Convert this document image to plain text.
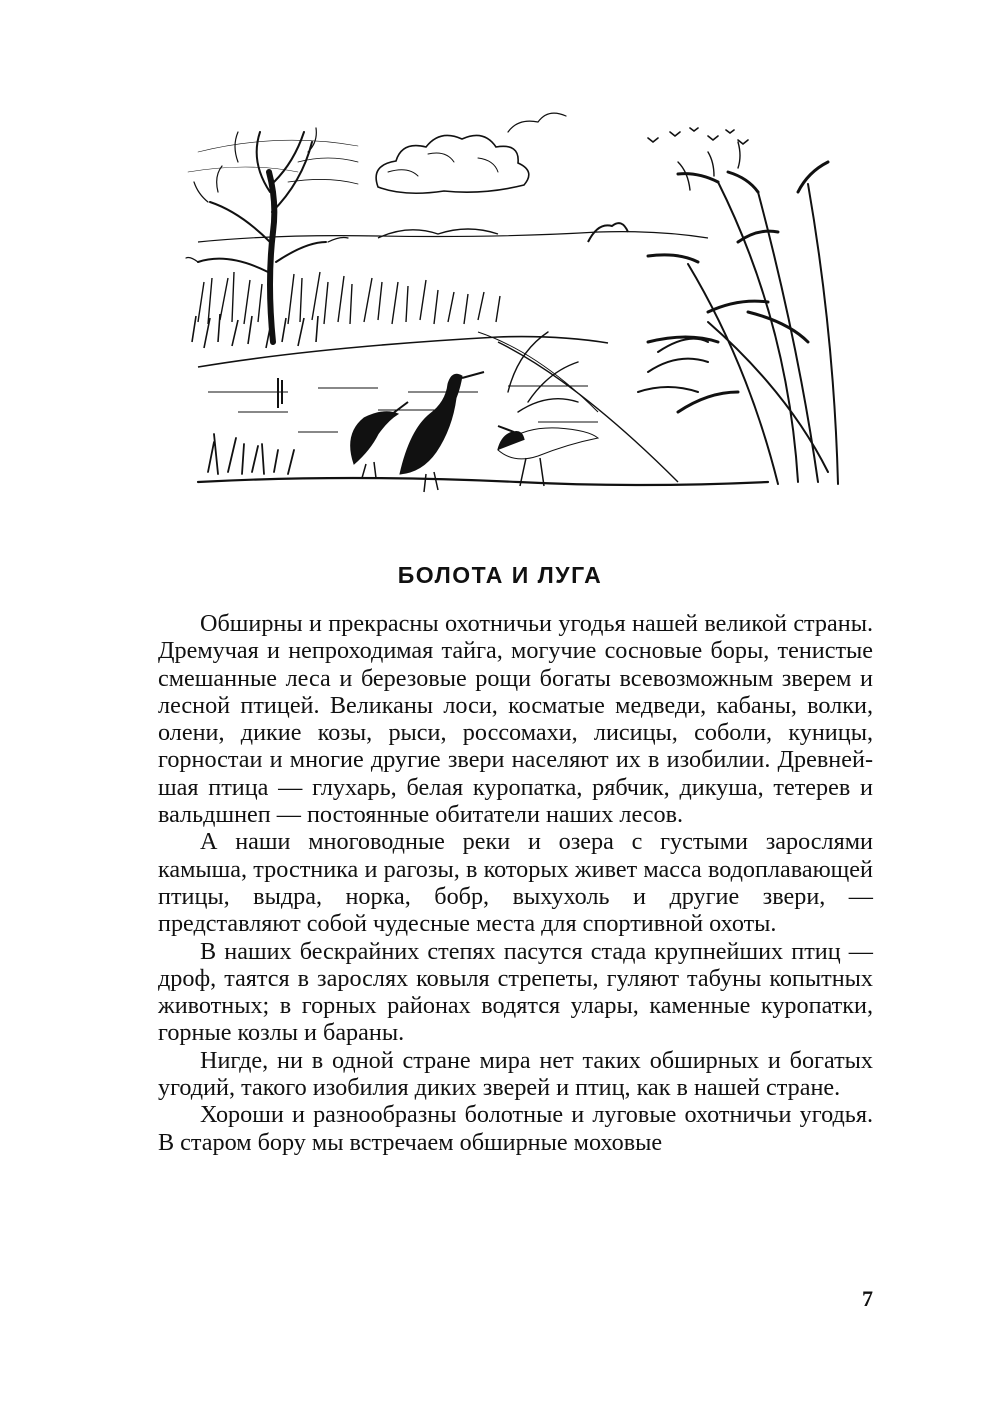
БОЛОТА И ЛУГА

Обширны и прекрасны охотничьи угодья нашей великой страны. Дремучая и непроходимая тайга, могучие сосновые боры, тенистые смешанные леса и березовые рощи богаты всевозможным зверем и лесной птицей. Великаны лоси, косматые медведи, кабаны, волки, олени, дикие козы, рыси, россомахи, лисицы, соболи, куницы, горностаи и многие другие звери населяют их в изобилии. Древнейшая птица — глухарь, белая куропатка, рябчик, дикуша, тетерев и вальдшнеп — постоянные обитатели наших лесов.

А наши многоводные реки и озера с густыми зарослями камыша, тростника и рагозы, в которых живет масса водоплавающей птицы, выдра, норка, бобр, выхухоль и другие звери, — представляют собой чудесные места для спортивной охоты.

В наших бескрайних степях пасутся стада крупнейших птиц — дроф, таятся в зарослях ковыля стрепеты, гуляют табуны копытных животных; в горных районах водятся улары, каменные куропатки, горные козлы и бараны.

Нигде, ни в одной стране мира нет таких обширных и богатых угодий, такого изобилия диких зверей и птиц, как в нашей стране.

Хороши и разнообразны болотные и луговые охотничьи угодья. В старом бору мы встречаем обширные моховые

7
